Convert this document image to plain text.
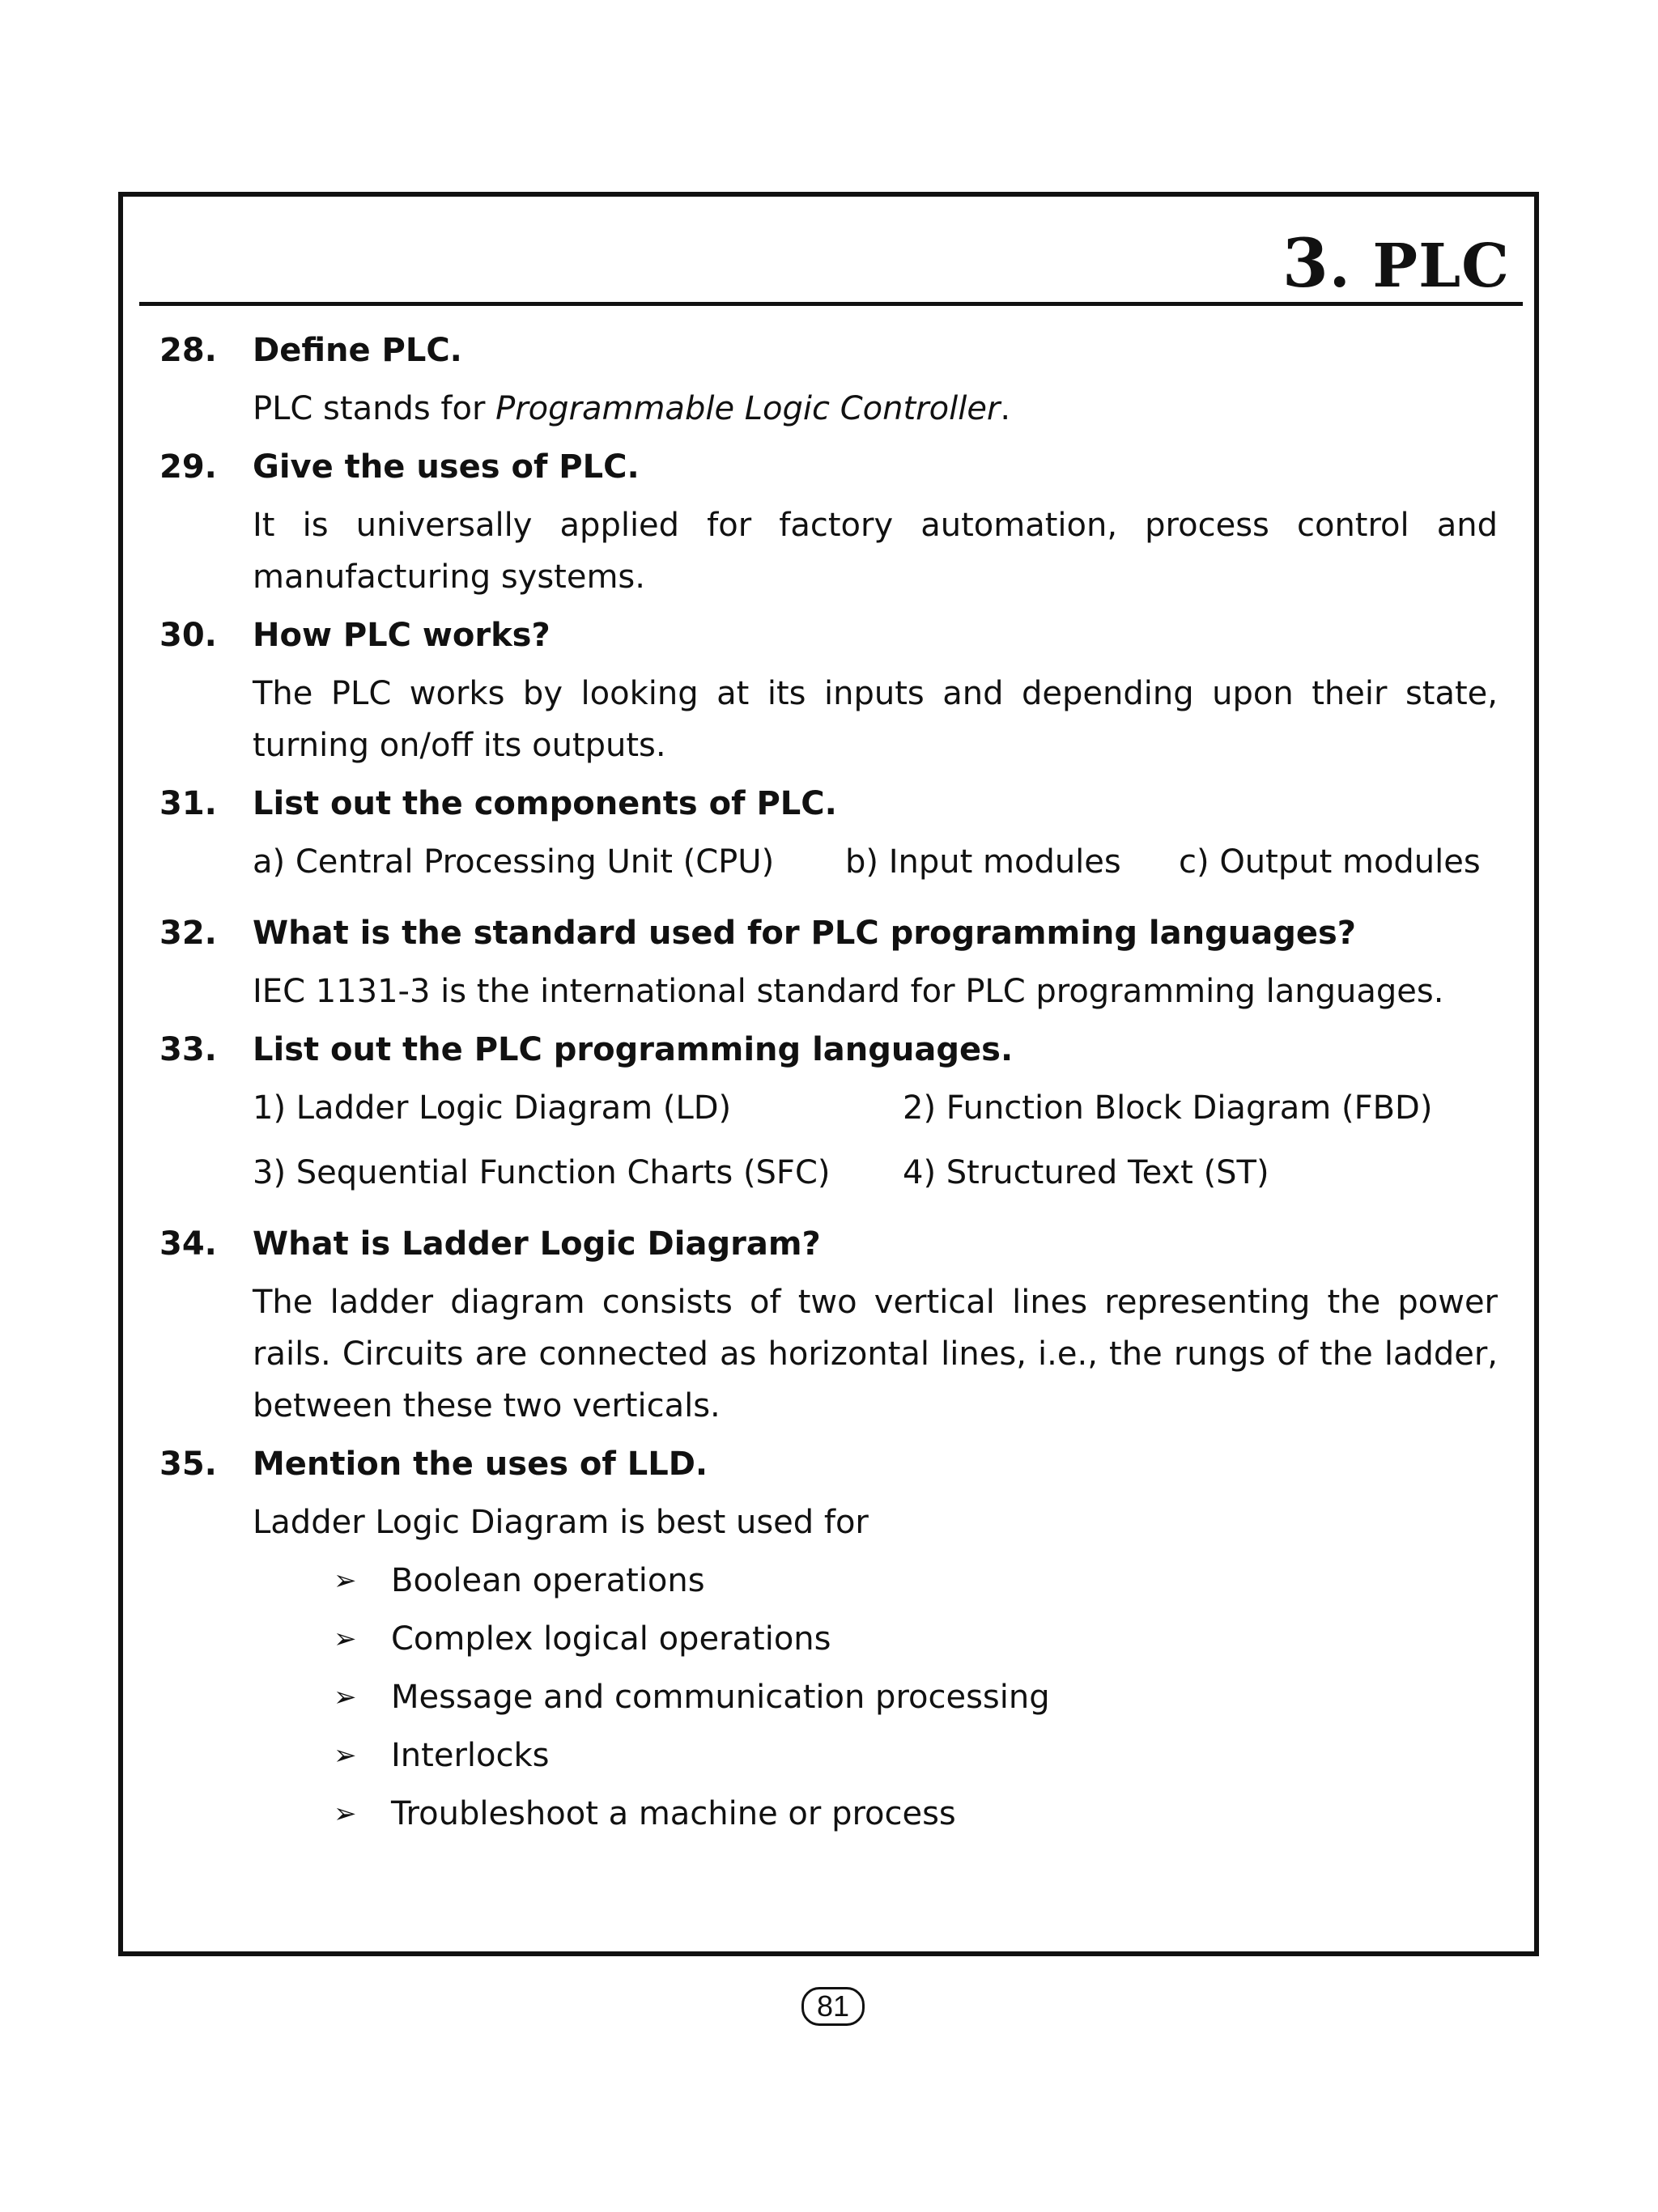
3. PLC
28.	Define PLC.

PLC stands for Programmable Logic Controller.

29.	Give the uses of PLC.

It is universally applied for factory automation, process control and manufacturing systems.

30.	How PLC works?

The PLC works by looking at its inputs and depending upon their state, turning on/off its outputs.

31.	List out the components of PLC.
a) Central Processing Unit (CPU)	b) Input modules	c) Output modules
32.	What is the standard used for PLC programming languages?

IEC 1131-3 is the international standard for PLC programming languages.

33.	List out the PLC programming languages.
1) Ladder Logic Diagram (LD)	2) Function Block Diagram (FBD)
3) Sequential Function Charts (SFC)	4) Structured Text (ST)
34.	What is Ladder Logic Diagram?

The ladder diagram consists of two vertical lines representing the power rails. Circuits are connected as horizontal lines, i.e., the rungs of the ladder, between these two verticals.

35.	Mention the uses of LLD.

Ladder Logic Diagram is best used for

➢	Boolean operations
➢	Complex logical operations
➢	Message and communication processing
➢	Interlocks
➢	Troubleshoot a machine or process
81
